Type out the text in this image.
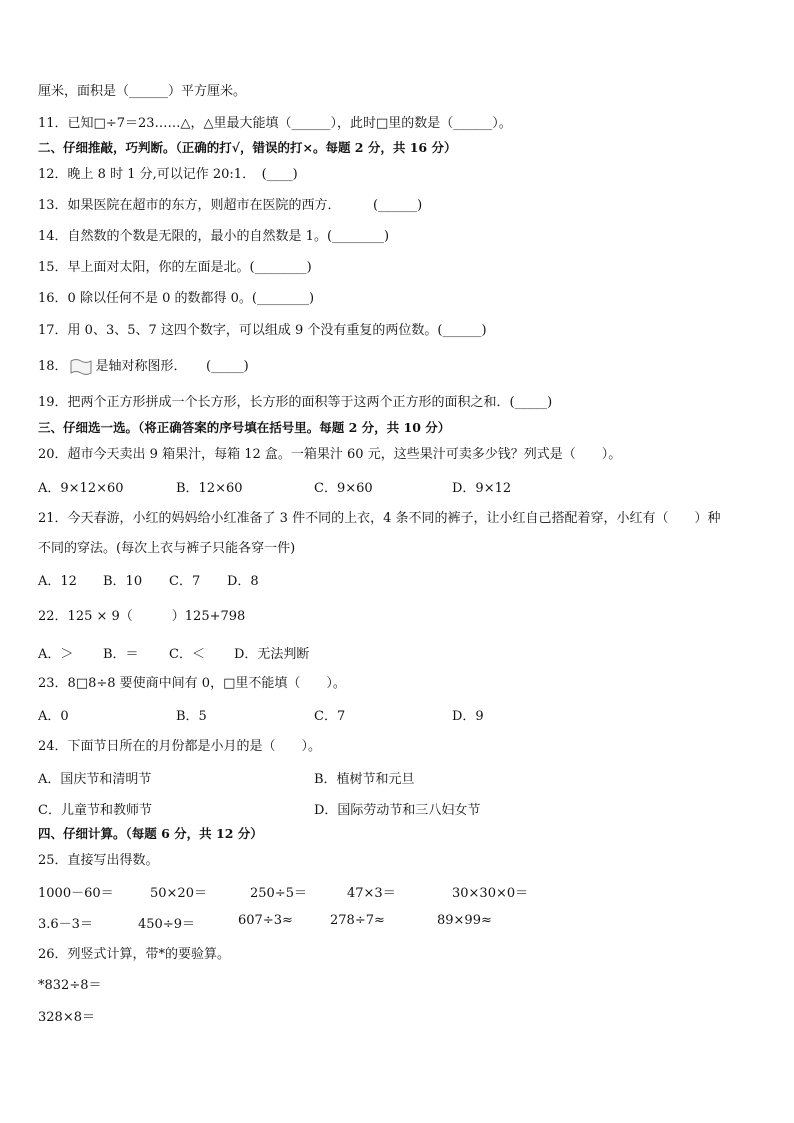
厘米，面积是（______）平方厘米。
11．已知□÷7＝23……△，△里最大能填（______），此时□里的数是（______）。
二、仔细推敲，巧判断。（正确的打√，错误的打×。每题 2 分，共 16 分）
12．晚上 8 时 1 分,可以记作 20:1．　(____)
13．如果医院在超市的东方，则超市在医院的西方．　　　(______)
14．自然数的个数是无限的，最小的自然数是 1。(________)
15．早上面对太阳，你的左面是北。(________)
16．0 除以任何不是 0 的数都得 0。(________)
17．用 0、3、5、7 这四个数字，可以组成 9 个没有重复的两位数。(______)
18． 是轴对称图形．　　(_____)
19．把两个正方形拼成一个长方形，长方形的面积等于这两个正方形的面积之和．(_____)
三、仔细选一选。（将正确答案的序号填在括号里。每题 2 分，共 10 分）
20．超市今天卖出 9 箱果汁，每箱 12 盒。一箱果汁 60 元，这些果汁可卖多少钱？列式是（　　）。
A．9×12×60	B．12×60	C．9×60	D．9×12
21．今天春游，小红的妈妈给小红准备了 3 件不同的上衣，4 条不同的裤子，让小红自己搭配着穿，小红有（　　）种
不同的穿法。(每次上衣与裤子只能各穿一件)
A．12 B．10 C．7 D．8
22．125 × 9（　　　）125+798
A．＞ B．＝ C．＜ D．无法判断
23．8□8÷8 要使商中间有 0，□里不能填（　　）。
A．0	B．5	C．7	D．9
24．下面节日所在的月份都是小月的是（　　）。
A．国庆节和清明节	B．植树节和元旦
C．儿童节和教师节	D．国际劳动节和三八妇女节
四、仔细计算。（每题 6 分，共 12 分）
25．直接写出得数。
1000－60＝	50×20＝	250÷5＝	47×3＝	30×30×0＝
3.6－3＝	450÷9＝	607÷3≈	278÷7≈	89×99≈
26．列竖式计算，带*的要验算。
*832÷8＝
328×8＝
